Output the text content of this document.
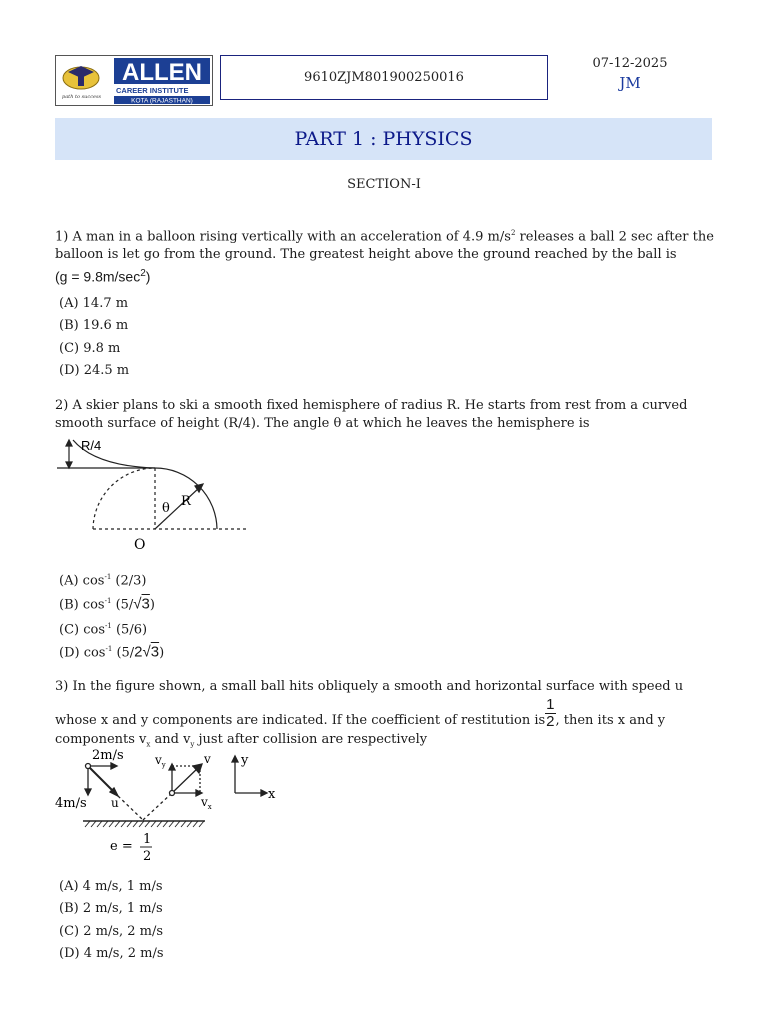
path to success
ALLEN
CAREER INSTITUTE
KOTA (RAJASTHAN)
9610ZJM801900250016
07-12-2025
JM
PART 1 : PHYSICS
SECTION-I
1) A man in a balloon rising vertically with an acceleration of 4.9 $m/s^2$ releases a ball 2 sec after the balloon is let go from the ground. The greatest height above the ground reached by the ball is
$(g = 9.8m/\sec^2)$
(A) 14.7 m
(B) 19.6 m
(C) 9.8 m
(D) 24.5 m
2) A skier plans to ski a smooth fixed hemisphere of radius R. He starts from rest from a curved smooth surface of height (R/4). The angle θ at which he leaves the hemisphere is
R/4
R
θ
O
(A) $\cos^{-1} (2/3)$
(B) $\cos^{-1} (5/√3)$
(C) $\cos^{-1} (5/6)$
(D) $\cos^{-1} (5/2√3)$
3) In the figure shown, a small ball hits obliquely a smooth and horizontal surface with speed u
whose x and y components are indicated. If the coefficient of restitution is $\frac{1}{2}$ , then its x and y
components $v_x$ and $v_y$ just after collision are respectively
2m/s
4m/s u
v
$v_y$
$v_x$
y
x
e = 1
2
(A) 4 m/s, 1 m/s
(B) 2 m/s, 1 m/s
(C) 2 m/s, 2 m/s
(D) 4 m/s, 2 m/s
